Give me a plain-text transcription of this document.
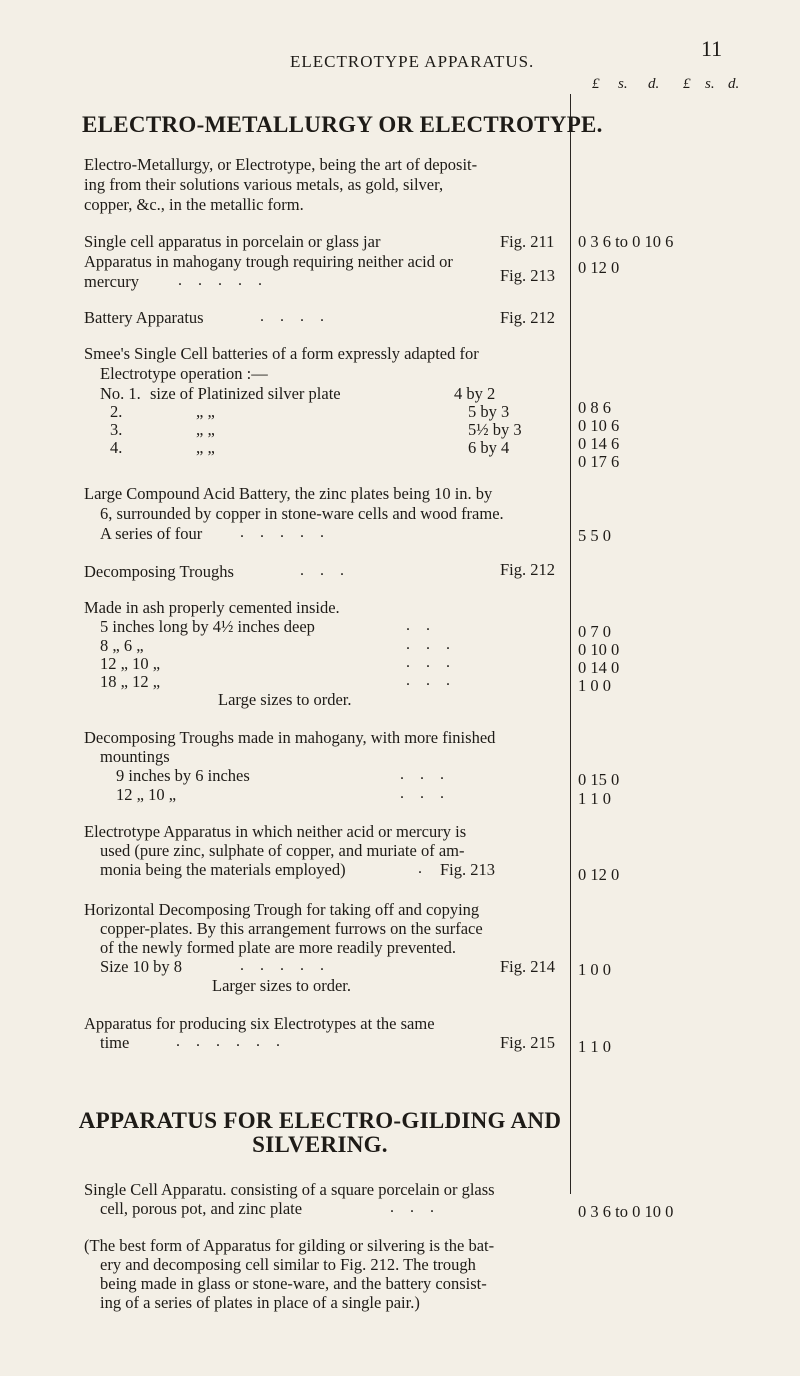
ELECTROTYPE APPARATUS.
11
£ s. d. £ s. d.
ELECTRO-METALLURGY OR ELECTROTYPE.
Electro-Metallurgy, or Electrotype, being the art of deposit-
ing from their solutions various metals, as gold, silver,
copper, &c., in the metallic form.
Single cell apparatus in porcelain or glass jar	Fig. 211 0 3 6 to 0 10 6
Apparatus in mahogany trough requiring neither acid or
mercury . . . . .	Fig. 213 0 12 0
Battery Apparatus	. . . .	Fig. 212
Smee's Single Cell batteries of a form expressly adapted for
Electrotype operation :—
No. 1. size of Platinized silver plate	4 by 2
0 8 6
2.	„ „	5 by 3
0 10 6
3.	„ „	5½ by 3
0 14 6
4.	„ „	6 by 4
0 17 6
Large Compound Acid Battery, the zinc plates being 10 in. by
6, surrounded by copper in stone-ware cells and wood frame.
A series of four . . . . .	5 5 0
Decomposing Troughs	. . .	Fig. 212
Made in ash properly cemented inside.
5 inches long by 4½ inches deep	. .	0 7 0
8 „ 6 „	. . .	0 10 0
12 „ 10 „	. . .	0 14 0
18 „ 12 „	. . .	1 0 0
Large sizes to order.
Decomposing Troughs made in mahogany, with more finished
mountings
9 inches by 6 inches	. . .	0 15 0
12 „ 10 „	. . .	1 1 0
Electrotype Apparatus in which neither acid or mercury is
used (pure zinc, sulphate of copper, and muriate of am-
monia being the materials employed)	. Fig. 213	0 12 0
Horizontal Decomposing Trough for taking off and copying
copper-plates. By this arrangement furrows on the surface
of the newly formed plate are more readily prevented.
Size 10 by 8	. . . . .	Fig. 214 1 0 0
Larger sizes to order.
Apparatus for producing six Electrotypes at the same
time	. . . . . .	Fig. 215 1 1 0
APPARATUS FOR ELECTRO-GILDING AND
SILVERING.
Single Cell Apparatu. consisting of a square porcelain or glass
cell, porous pot, and zinc plate	. . .	0 3 6 to 0 10 0
(The best form of Apparatus for gilding or silvering is the bat-
ery and decomposing cell similar to Fig. 212. The trough
being made in glass or stone-ware, and the battery consist-
ing of a series of plates in place of a single pair.)
